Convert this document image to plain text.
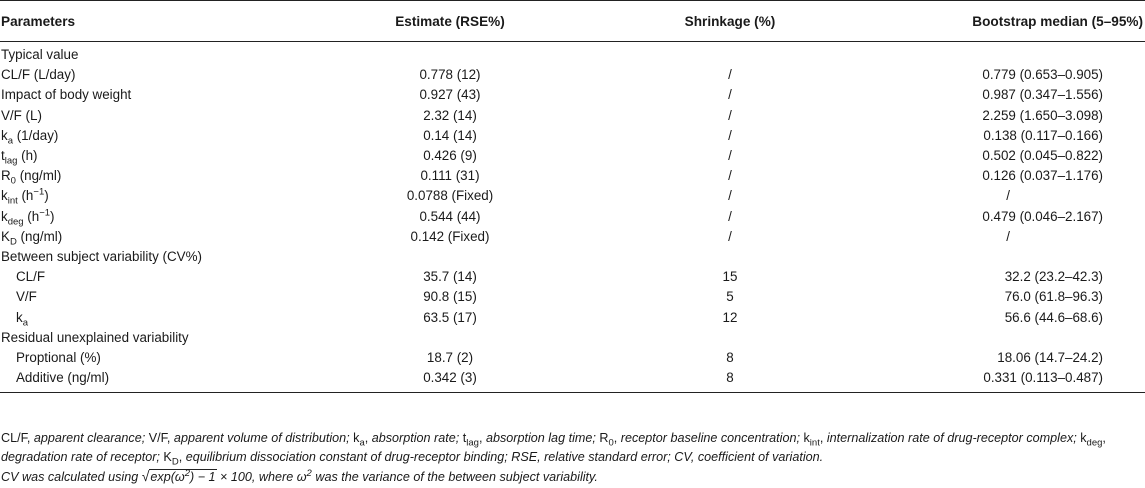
Parameters	Estimate (RSE%)	Shrinkage (%)	Bootstrap median (5–95%)
Typical value			
CL/F (L/day)	0.778 (12)	/	0.779 (0.653–0.905)
Impact of body weight	0.927 (43)	/	0.987 (0.347–1.556)
V/F (L)	2.32 (14)	/	2.259 (1.650–3.098)
$k_a$ (1/day)	0.14 (14)	/	0.138 (0.117–0.166)
$t_{lag}$ (h)	0.426 (9)	/	0.502 (0.045–0.822)
$R_0$ (ng/ml)	0.111 (31)	/	0.126 (0.037–1.176)
$k_{int}$ $(h^{-1})$	0.0788 (Fixed)	/	/
$k_{deg}$ $(h^{-1})$	0.544 (44)	/	0.479 (0.046–2.167)
$K_D$ (ng/ml)	0.142 (Fixed)	/	/
Between subject variability (CV%)			
CL/F	35.7 (14)	15	32.2 (23.2–42.3)
V/F	90.8 (15)	5	76.0 (61.8–96.3)
$k_a$	63.5 (17)	12	56.6 (44.6–68.6)
Residual unexplained variability			
Proptional (%)	18.7 (2)	8	18.06 (14.7–24.2)
Additive (ng/ml)	0.342 (3)	8	0.331 (0.113–0.487)
CL/F, apparent clearance; V/F, apparent volume of distribution; $k_a$, absorption rate; $t_{lag}$, absorption lag time; $R_0$, receptor baseline concentration; $k_{int}$, internalization rate of drug-receptor complex; $k_{deg}$, degradation rate of receptor; $K_D$, equilibrium dissociation constant of drug-receptor binding; RSE, relative standard error; CV, coefficient of variation.
CV was calculated using $√\exp(\omega^2) - 1 \times 100$, where $\omega^2$ was the variance of the between subject variability.
